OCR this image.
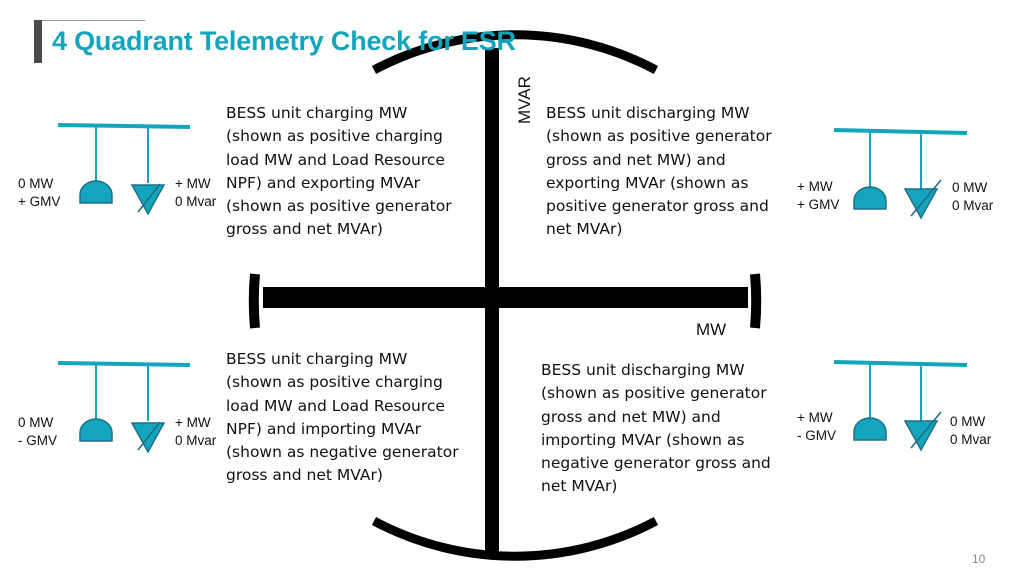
4 Quadrant Telemetry Check for ESR
MVAR
MW
BESS unit charging MW
(shown as positive charging
load MW and Load Resource
NPF) and exporting MVAr
(shown as positive generator
gross and net MVAr)
BESS unit discharging MW
(shown as positive generator
gross and net MW) and
exporting MVAr (shown as
positive generator gross and
net MVAr)
BESS unit charging MW
(shown as positive charging
load MW and Load Resource
NPF) and importing MVAr
(shown as negative generator
gross and net MVAr)
BESS unit discharging MW
(shown as positive generator
gross and net MW) and
importing MVAr (shown as
negative generator gross and
net MVAr)
0 MW
+ GMV
+ MW
0 Mvar
+ MW
+ GMV
0 MW
0 Mvar
0 MW
- GMV
+ MW
0 Mvar
+ MW
- GMV
0 MW
0 Mvar
10
